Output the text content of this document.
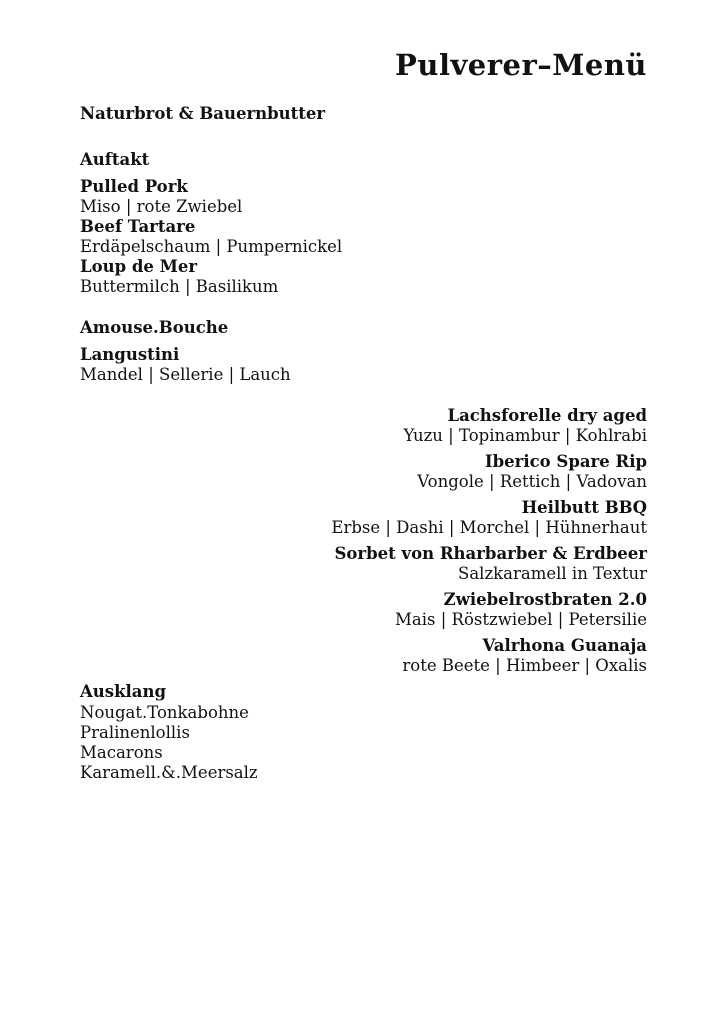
Pulverer–Menü

Naturbrot & Bauernbutter

Auftakt

Pulled Pork

Miso | rote Zwiebel

Beef Tartare

Erdäpelschaum | Pumpernickel

Loup de Mer

Buttermilch | Basilikum

Amouse.Bouche

Langustini

Mandel | Sellerie | Lauch

Lachsforelle dry aged

Yuzu | Topinambur | Kohlrabi

Iberico Spare Rip

Vongole | Rettich | Vadovan

Heilbutt BBQ

Erbse | Dashi | Morchel | Hühnerhaut

Sorbet von Rharbarber & Erdbeer

Salzkaramell in Textur

Zwiebelrostbraten 2.0

Mais | Röstzwiebel | Petersilie

Valrhona Guanaja

rote Beete | Himbeer | Oxalis

Ausklang

Nougat.Tonkabohne

Pralinenlollis

Macarons

Karamell.&.Meersalz
